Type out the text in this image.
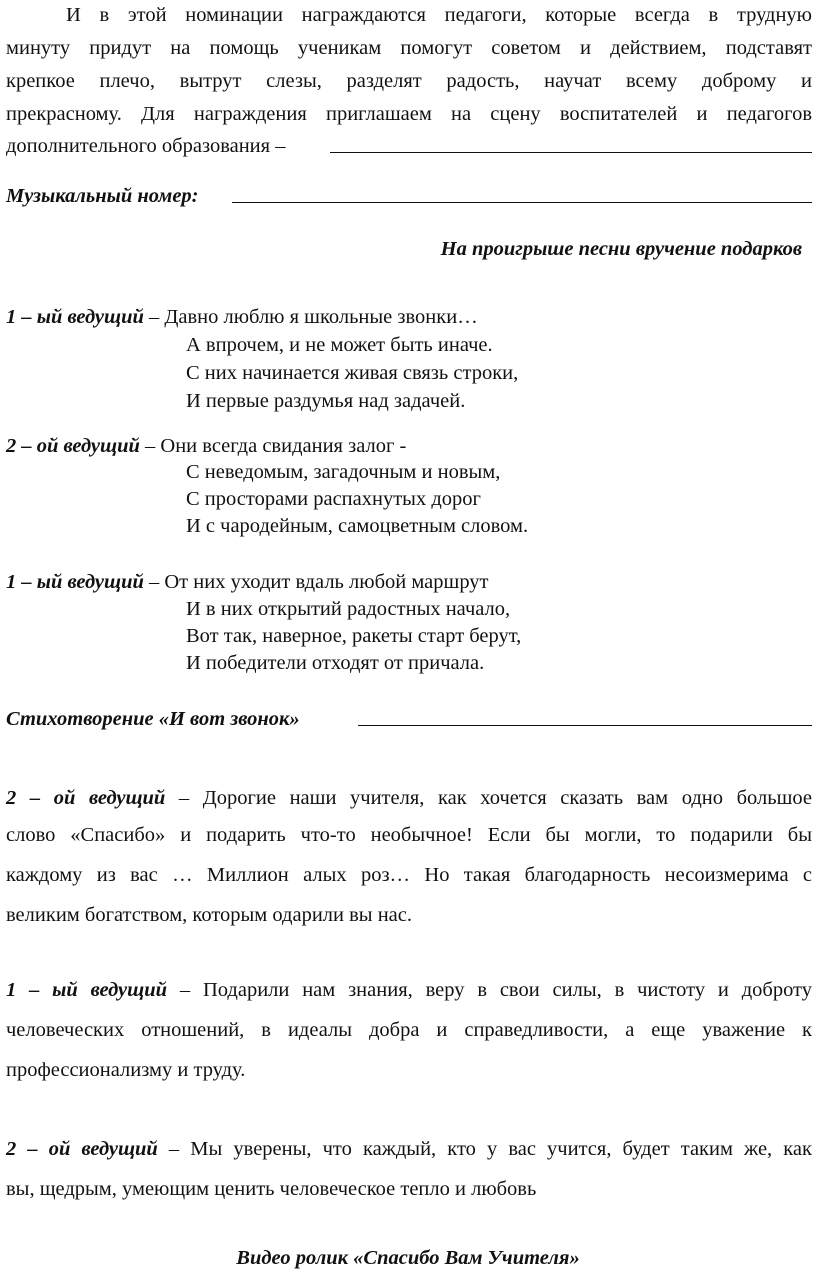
И в этой номинации награждаются педагоги, которые всегда в трудную
минуту придут на помощь ученикам помогут советом и действием, подставят
крепкое плечо, вытрут слезы, разделят радость, научат всему доброму и
прекрасному. Для награждения приглашаем на сцену воспитателей и педагогов
дополнительного образования –
Музыкальный номер:
На проигрыше песни вручение подарков
1 – ый ведущий – Давно люблю я школьные звонки…
А впрочем, и не может быть иначе.
С них начинается живая связь строки,
И первые раздумья над задачей.
2 – ой ведущий – Они всегда свидания залог -
С неведомым, загадочным и новым,
С просторами распахнутых дорог
И с чародейным, самоцветным словом.
1 – ый ведущий – От них уходит вдаль любой маршрут
И в них открытий радостных начало,
Вот так, наверное, ракеты старт берут,
И победители отходят от причала.
Стихотворение «И вот звонок»
2 – ой ведущий – Дорогие наши учителя, как хочется сказать вам одно большое
слово «Спасибо» и подарить что-то необычное! Если бы могли, то подарили бы
каждому из вас … Миллион алых роз… Но такая благодарность несоизмерима с
великим богатством, которым одарили вы нас.
1 – ый ведущий – Подарили нам знания, веру в свои силы, в чистоту и доброту
человеческих отношений, в идеалы добра и справедливости, а еще уважение к
профессионализму и труду.
2 – ой ведущий – Мы уверены, что каждый, кто у вас учится, будет таким же, как
вы, щедрым, умеющим ценить человеческое тепло и любовь
Видео ролик «Спасибо Вам Учителя»
